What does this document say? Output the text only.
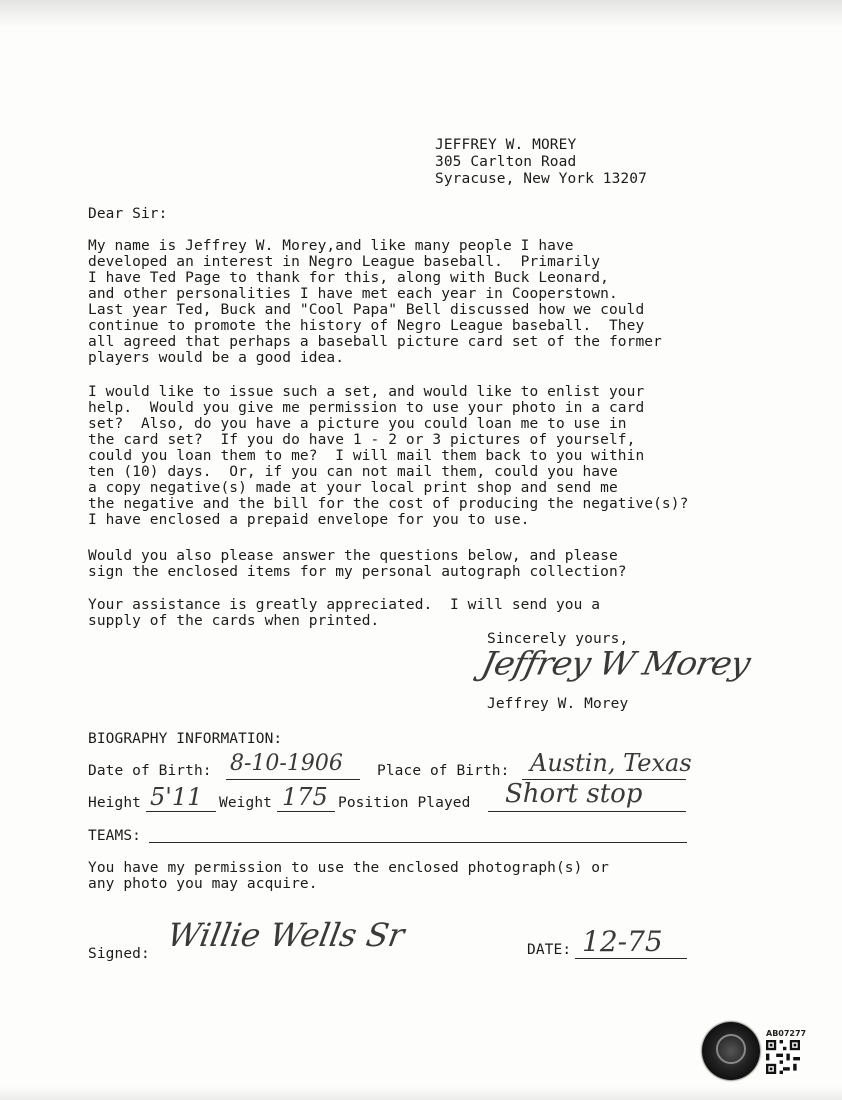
JEFFREY W. MOREY
305 Carlton Road
Syracuse, New York 13207
Dear Sir:
My name is Jeffrey W. Morey,and like many people I have
developed an interest in Negro League baseball.  Primarily
I have Ted Page to thank for this, along with Buck Leonard,
and other personalities I have met each year in Cooperstown.
Last year Ted, Buck and "Cool Papa" Bell discussed how we could
continue to promote the history of Negro League baseball.  They
all agreed that perhaps a baseball picture card set of the former
players would be a good idea.
I would like to issue such a set, and would like to enlist your
help.  Would you give me permission to use your photo in a card
set?  Also, do you have a picture you could loan me to use in
the card set?  If you do have 1 - 2 or 3 pictures of yourself,
could you loan them to me?  I will mail them back to you within
ten (10) days.  Or, if you can not mail them, could you have
a copy negative(s) made at your local print shop and send me
the negative and the bill for the cost of producing the negative(s)?
I have enclosed a prepaid envelope for you to use.
Would you also please answer the questions below, and please
sign the enclosed items for my personal autograph collection?
Your assistance is greatly appreciated.  I will send you a
supply of the cards when printed.
Sincerely yours,
Jeffrey W Morey
Jeffrey W. Morey
BIOGRAPHY INFORMATION:
Date of Birth: 8-10-1906 Place of Birth: Austin, Texas
Height 5'11 Weight 175 Position Played Short stop
TEAMS:
You have my permission to use the enclosed photograph(s) or
any photo you may acquire.
Signed: Willie Wells Sr	DATE: 12-75
AB07277
